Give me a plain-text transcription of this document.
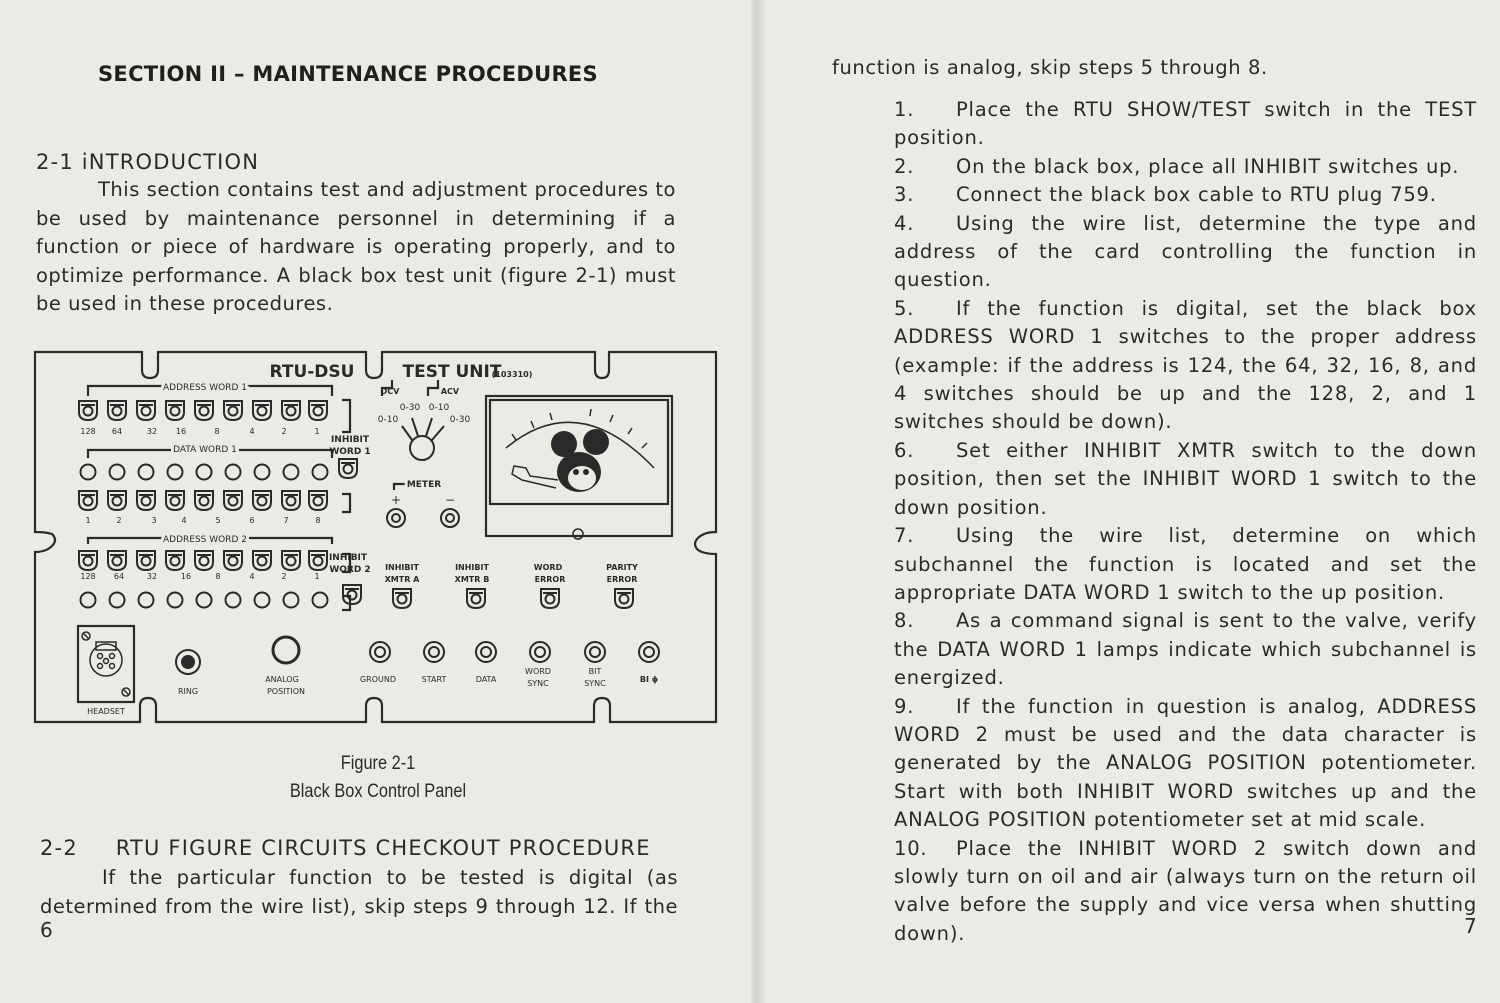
SECTION II – MAINTENANCE PROCEDURES
2-1 iNTRODUCTION

This section contains test and adjustment procedures to be used by maintenance personnel in determining if a function or piece of hardware is operating properly, and to optimize performance. A black box test unit (figure 2-1) must be used in these procedures.

RTU-DSU	TEST UNIT
(103310)
ADDRESS WORD 1
DATA WORD 1
ADDRESS WORD 2
INHIBIT
WORD 1
INHIBIT
WORD 2
DCV	ACV
0-30 0-10
0-10	0-30
METER
+	−
INHIBIT
XMTR A
INHIBIT
XMTR B
WORD
ERROR
PARITY
ERROR
HEADSET
RING
ANALOG
POSITION
GROUND	START	DATA
WORD
SYNC
BIT
SYNC	BI ϕ
128 64	32 16	8	4	2	1
1	2	3	4	5	6	7	8
128 64	32	16	8	4	2	1
Figure 2-1
Black Box Control Panel
2-2 RTU FIGURE CIRCUITS CHECKOUT PROCEDURE

If the particular function to be tested is digital (as determined from the wire list), skip steps 9 through 12. If the

6
function is analog, skip steps 5 through 8.

1. Place the RTU SHOW/TEST switch in the TEST position.

2. On the black box, place all INHIBIT switches up.

3. Connect the black box cable to RTU plug 759.

4. Using the wire list, determine the type and address of the card controlling the function in question.

5. If the function is digital, set the black box ADDRESS WORD 1 switches to the proper address (example: if the address is 124, the 64, 32, 16, 8, and 4 switches should be up and the 128, 2, and 1 switches should be down).

6. Set either INHIBIT XMTR switch to the down position, then set the INHIBIT WORD 1 switch to the down position.

7. Using the wire list, determine on which subchannel the function is located and set the appropriate DATA WORD 1 switch to the up position.

8. As a command signal is sent to the valve, verify the DATA WORD 1 lamps indicate which subchannel is energized.

9. If the function in question is analog, ADDRESS WORD 2 must be used and the data character is generated by the ANALOG POSITION potentiometer. Start with both INHIBIT WORD switches up and the ANALOG POSITION potentiometer set at mid scale.

10. Place the INHIBIT WORD 2 switch down and slowly turn on oil and air (always turn on the return oil valve before the supply and vice versa when shutting down).	7
